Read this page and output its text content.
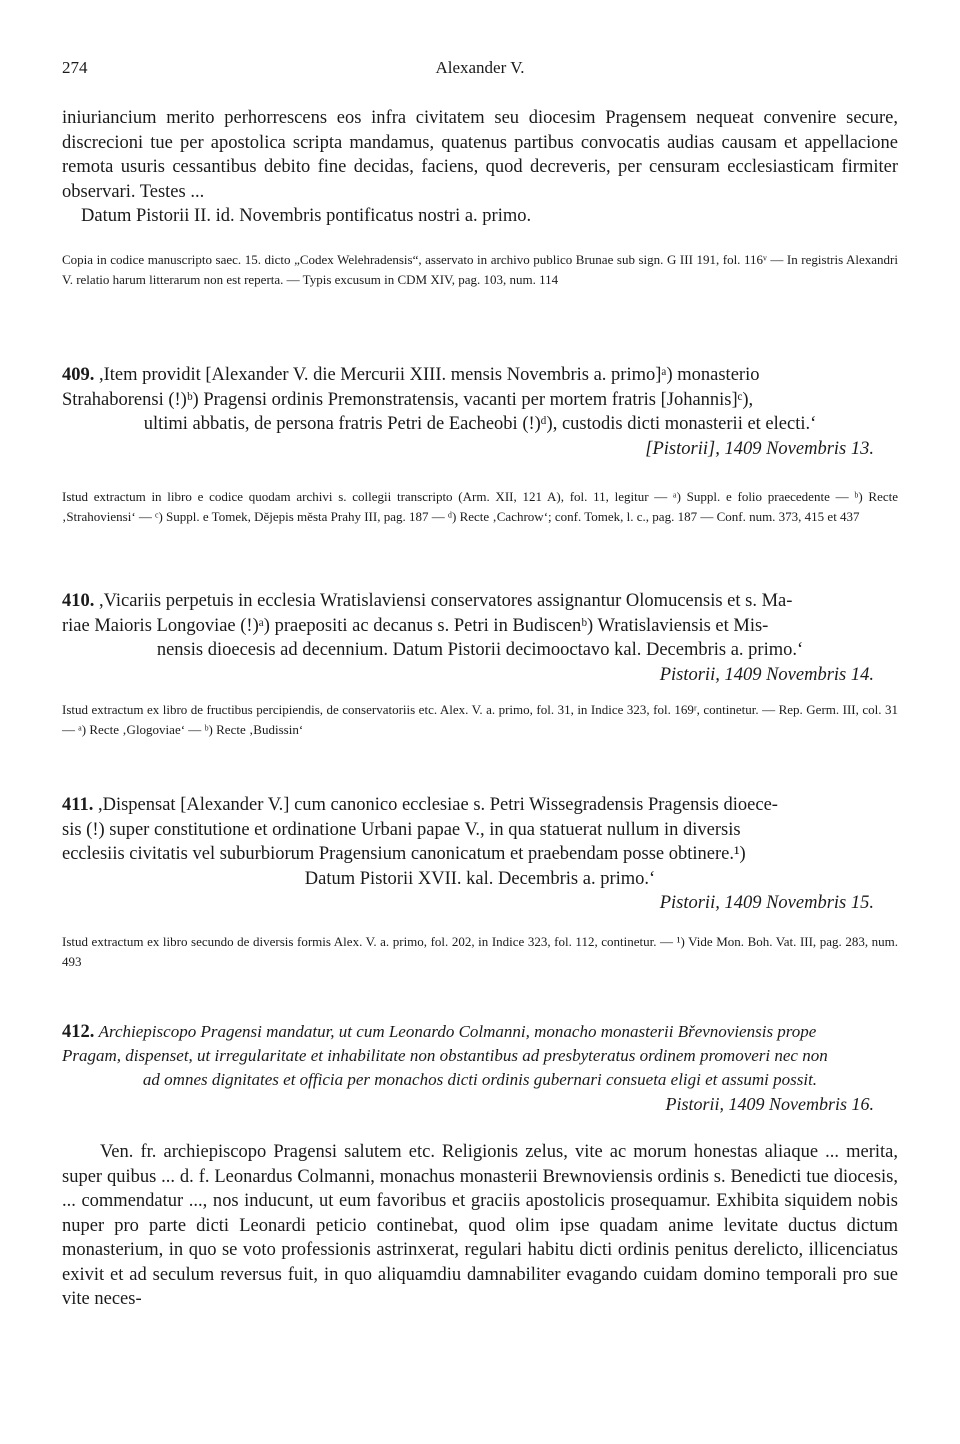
274	Alexander V.

iniuriancium merito perhorrescens eos infra civitatem seu diocesim Pragensem nequeat convenire secure, discrecioni tue per apostolica scripta mandamus, quatenus partibus convocatis audias causam et appellacione remota usuris cessantibus debito fine decidas, faciens, quod decreveris, per censuram ecclesiasticam firmiter observari. Testes ...

Datum Pistorii II. id. Novembris pontificatus nostri a. primo.

Copia in codice manuscripto saec. 15. dicto „Codex Welehradensis“, asservato in archivo publico Brunae sub sign. G III 191, fol. 116ᵛ — In registris Alexandri V. relatio harum litterarum non est reperta. — Typis excusum in CDM XIV, pag. 103, num. 114

409. ,Item providit [Alexander V. die Mercurii XIII. mensis Novembris a. primo]ᵃ) monasterio

Strahaborensi (!)ᵇ) Pragensi ordinis Premonstratensis, vacanti per mortem fratris [Johannis]ᶜ),

ultimi abbatis, de persona fratris Petri de Eacheobi (!)ᵈ), custodis dicti monasterii et electi.‘

[Pistorii], 1409 Novembris 13.

Istud extractum in libro e codice quodam archivi s. collegii transcripto (Arm. XII, 121 A), fol. 11, legitur — ᵃ) Suppl. e folio praecedente — ᵇ) Recte ‚Strahoviensi‘ — ᶜ) Suppl. e Tomek, Dějepis města Prahy III, pag. 187 — ᵈ) Recte ‚Cachrow‘; conf. Tomek, l. c., pag. 187 — Conf. num. 373, 415 et 437

410. ,Vicariis perpetuis in ecclesia Wratislaviensi conservatores assignantur Olomucensis et s. Ma-

riae Maioris Longoviae (!)ᵃ) praepositi ac decanus s. Petri in Budiscenᵇ) Wratislaviensis et Mis-

nensis dioecesis ad decennium. Datum Pistorii decimooctavo kal. Decembris a. primo.‘

Pistorii, 1409 Novembris 14.

Istud extractum ex libro de fructibus percipiendis, de conservatoriis etc. Alex. V. a. primo, fol. 31, in Indice 323, fol. 169ʳ, continetur. — Rep. Germ. III, col. 31 — ᵃ) Recte ‚Glogoviae‘ — ᵇ) Recte ‚Budissin‘

411. ,Dispensat [Alexander V.] cum canonico ecclesiae s. Petri Wissegradensis Pragensis dioece-

sis (!) super constitutione et ordinatione Urbani papae V., in qua statuerat nullum in diversis

ecclesiis civitatis vel suburbiorum Pragensium canonicatum et praebendam posse obtinere.¹)

Datum Pistorii XVII. kal. Decembris a. primo.‘

Pistorii, 1409 Novembris 15.

Istud extractum ex libro secundo de diversis formis Alex. V. a. primo, fol. 202, in Indice 323, fol. 112, continetur. — ¹) Vide Mon. Boh. Vat. III, pag. 283, num. 493

412. Archiepiscopo Pragensi mandatur, ut cum Leonardo Colmanni, monacho monasterii Břevnoviensis prope

Pragam, dispenset, ut irregularitate et inhabilitate non obstantibus ad presbyteratus ordinem promoveri nec non

ad omnes dignitates et officia per monachos dicti ordinis gubernari consueta eligi et assumi possit.

Pistorii, 1409 Novembris 16.

Ven. fr. archiepiscopo Pragensi salutem etc. Religionis zelus, vite ac morum honestas aliaque ... merita, super quibus ... d. f. Leonardus Colmanni, monachus monasterii Brewnoviensis ordinis s. Benedicti tue diocesis, ... commendatur ..., nos inducunt, ut eum favoribus et graciis apostolicis prosequamur. Exhibita siquidem nobis nuper pro parte dicti Leonardi peticio continebat, quod olim ipse quadam anime levitate ductus dictum monasterium, in quo se voto professionis astrinxerat, regulari habitu dicti ordinis penitus derelicto, illicenciatus exivit et ad seculum reversus fuit, in quo aliquamdiu damnabiliter evagando cuidam domino temporali pro sue vite neces-
